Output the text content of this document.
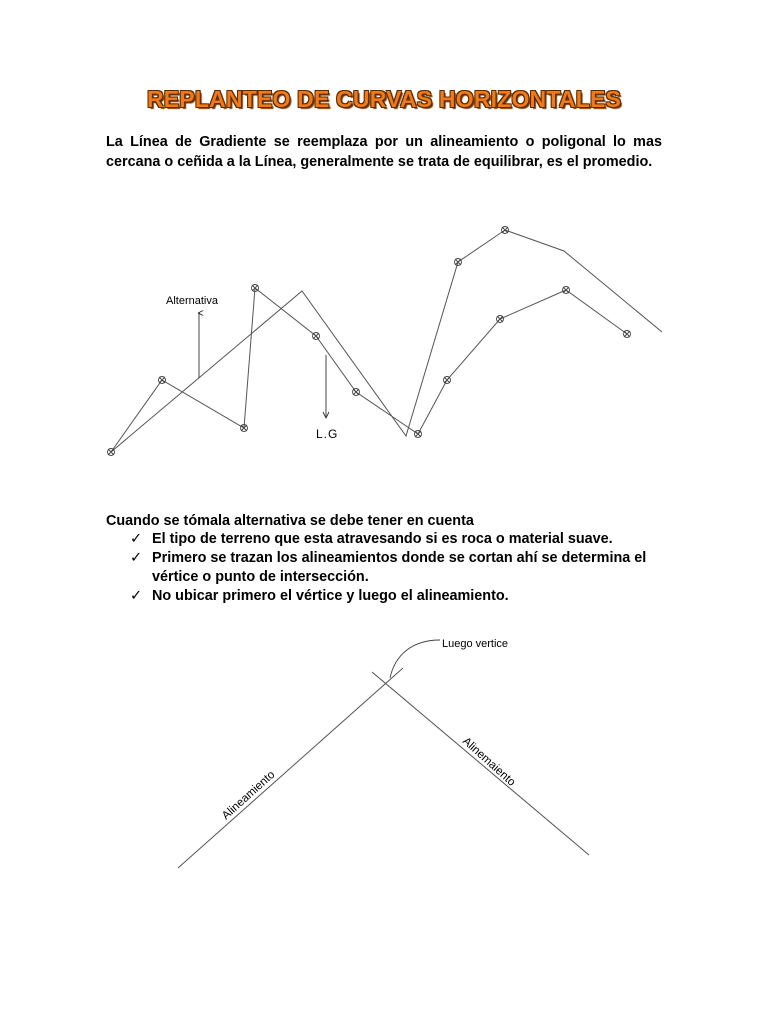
REPLANTEO DE CURVAS HORIZONTALES
La Línea de Gradiente se reemplaza por un alineamiento o poligonal lo mas cercana o ceñida a la Línea, generalmente se trata de equilibrar, es el promedio.
Alternativa
L.G
Luego vertice
Alineamiento
Alinemaiento
Cuando se tómala alternativa se debe tener en cuenta
✓ El tipo de terreno que esta atravesando si es roca o material suave.
✓ Primero se trazan los alineamientos donde se cortan ahí se determina el vértice o punto de intersección.
✓ No ubicar primero el vértice y luego el alineamiento.
